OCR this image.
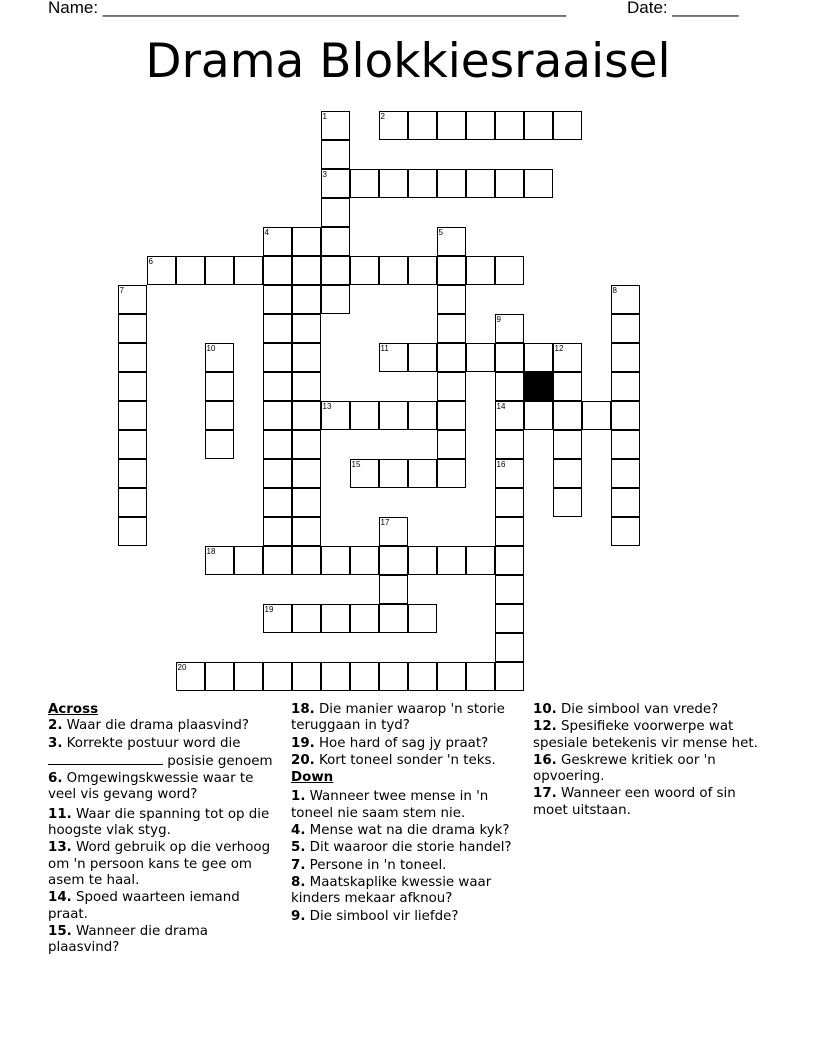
Name: _________________________________________________	Date: _______
Drama Blokkiesraaisel
2
3
6
11	12
13	14
15
18
19
20
1
4	5
7	8
9
16
10
17

Across

2. Waar die drama plaasvind?

3. Korrekte postuur word die
posisie genoem

6. Omgewingskwessie waar te veel vis gevang word?

11. Waar die spanning tot op die hoogste vlak styg.

13. Word gebruik op die verhoog om 'n persoon kans te gee om asem te haal.

14. Spoed waarteen iemand praat.

15. Wanneer die drama plaasvind?

18. Die manier waarop 'n storie teruggaan in tyd?

19. Hoe hard of sag jy praat?

20. Kort toneel sonder 'n teks.

Down

1. Wanneer twee mense in 'n toneel nie saam stem nie.

4. Mense wat na die drama kyk?

5. Dit waaroor die storie handel?

7. Persone in 'n toneel.

8. Maatskaplike kwessie waar kinders mekaar afknou?

9. Die simbool vir liefde?

10. Die simbool van vrede?

12. Spesifieke voorwerpe wat spesiale betekenis vir mense het.

16. Geskrewe kritiek oor 'n opvoering.

17. Wanneer een woord of sin moet uitstaan.
